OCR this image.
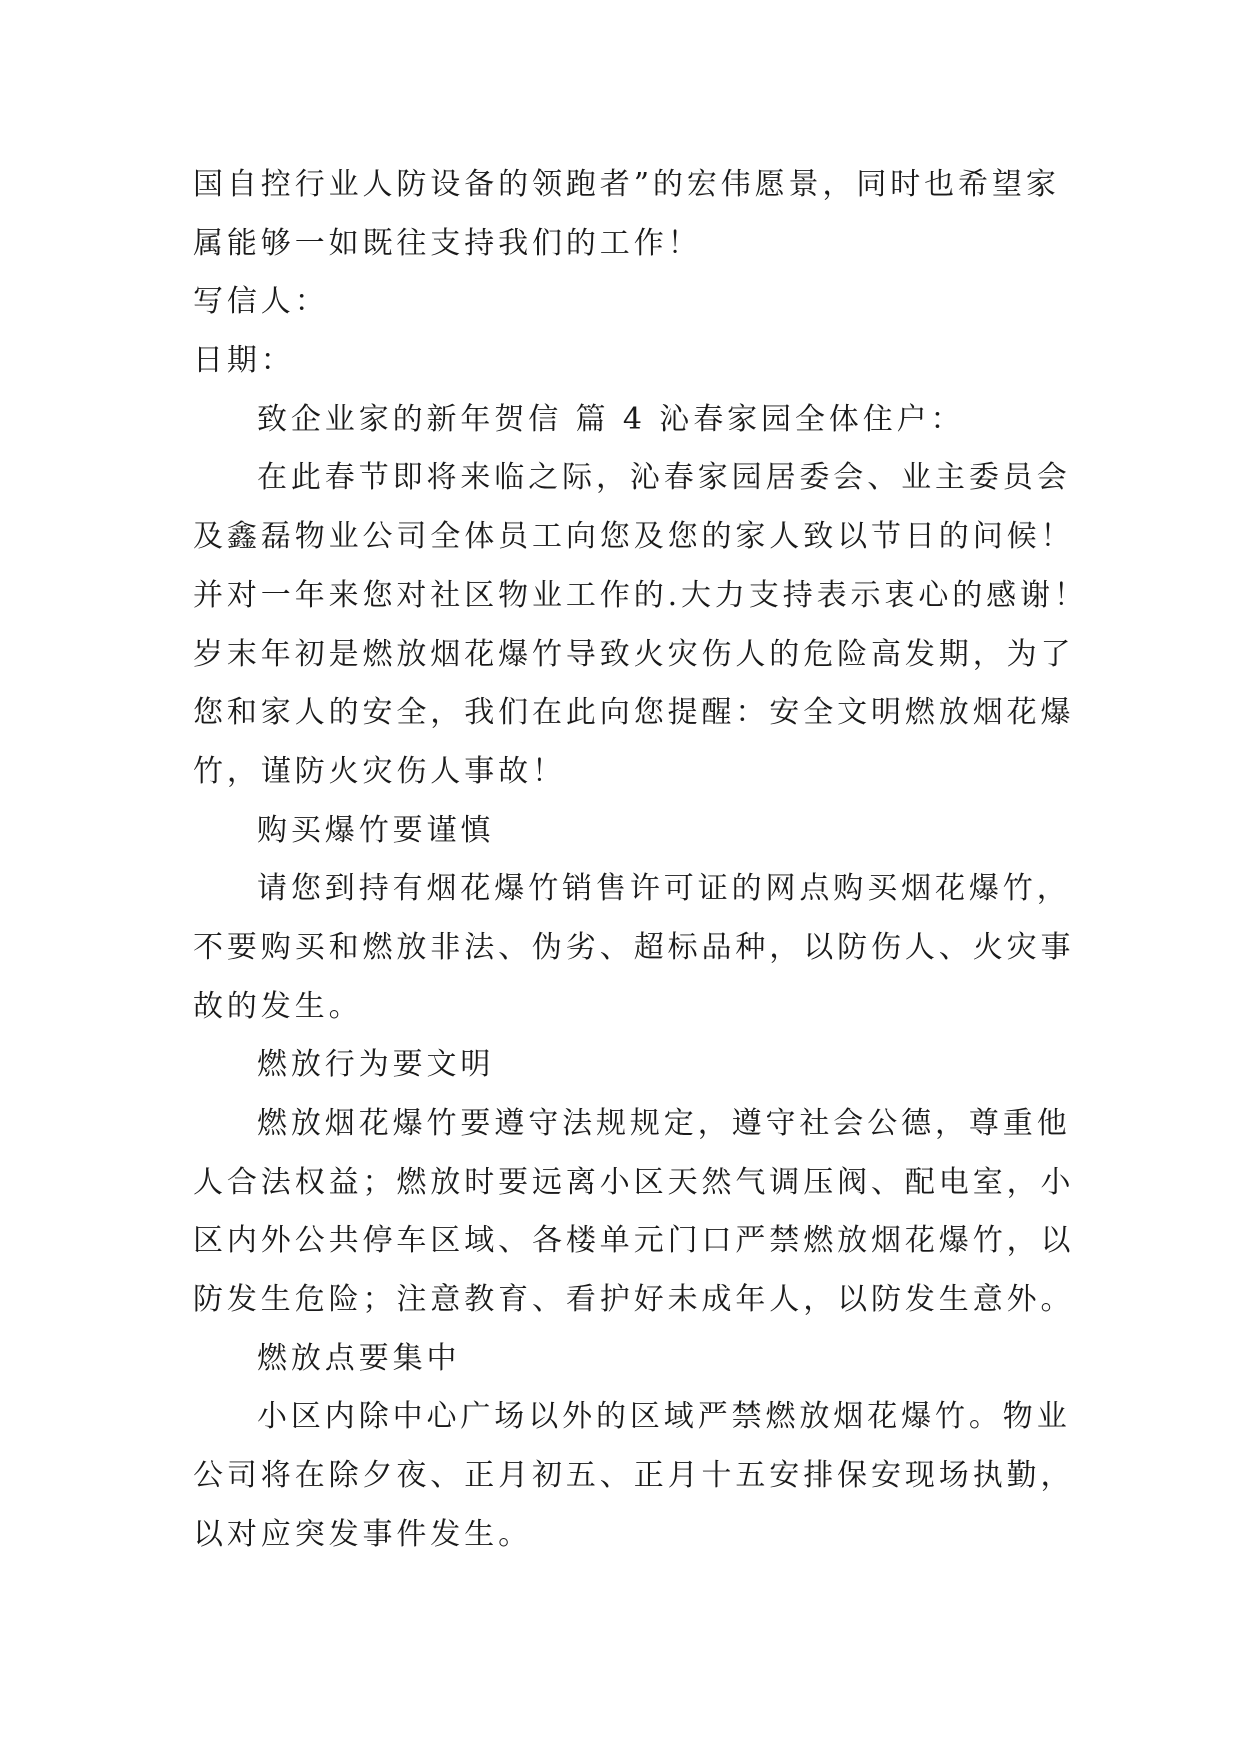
国自控行业人防设备的领跑者”的宏伟愿景，同时也希望家
属能够一如既往支持我们的工作！
写信人：
日期：
致企业家的新年贺信 篇 4 沁春家园全体住户：
在此春节即将来临之际，沁春家园居委会、业主委员会
及鑫磊物业公司全体员工向您及您的家人致以节日的问候！
并对一年来您对社区物业工作的.大力支持表示衷心的感谢！
岁末年初是燃放烟花爆竹导致火灾伤人的危险高发期，为了
您和家人的安全，我们在此向您提醒：安全文明燃放烟花爆
竹，谨防火灾伤人事故！
购买爆竹要谨慎
请您到持有烟花爆竹销售许可证的网点购买烟花爆竹，
不要购买和燃放非法、伪劣、超标品种，以防伤人、火灾事
故的发生。
燃放行为要文明
燃放烟花爆竹要遵守法规规定，遵守社会公德，尊重他
人合法权益；燃放时要远离小区天然气调压阀、配电室，小
区内外公共停车区域、各楼单元门口严禁燃放烟花爆竹，以
防发生危险；注意教育、看护好未成年人，以防发生意外。
燃放点要集中
小区内除中心广场以外的区域严禁燃放烟花爆竹。物业
公司将在除夕夜、正月初五、正月十五安排保安现场执勤，
以对应突发事件发生。
